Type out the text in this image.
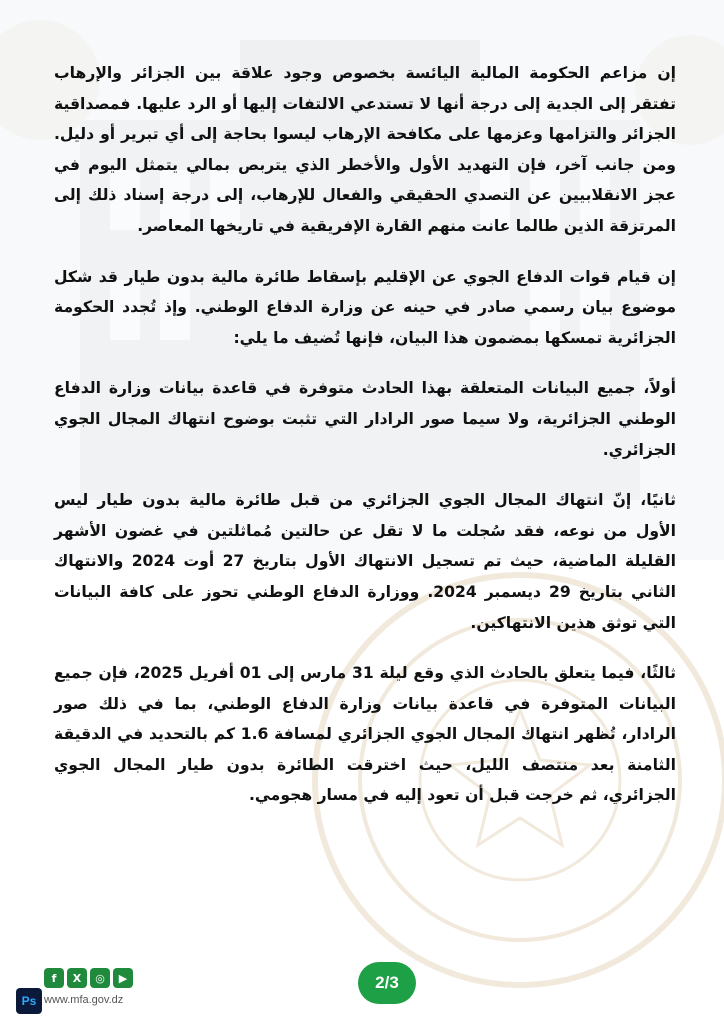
إن مزاعم الحكومة المالية اليائسة بخصوص وجود علاقة بين الجزائر والإرهاب تفتقر إلى الجدية إلى درجة أنها لا تستدعي الالتفات إليها أو الرد عليها. فمصداقية الجزائر والتزامها وعزمها على مكافحة الإرهاب ليسوا بحاجة إلى أي تبرير أو دليل. ومن جانب آخر، فإن التهديد الأول والأخطر الذي يتربص بمالي يتمثل اليوم في عجز الانقلابيين عن التصدي الحقيقي والفعال للإرهاب، إلى درجة إسناد ذلك إلى المرتزقة الذين طالما عانت منهم القارة الإفريقية في تاريخها المعاصر.

إن قيام قوات الدفاع الجوي عن الإقليم بإسقاط طائرة مالية بدون طيار قد شكل موضوع بيان رسمي صادر في حينه عن وزارة الدفاع الوطني. وإذ تُجدد الحكومة الجزائرية تمسكها بمضمون هذا البيان، فإنها تُضيف ما يلي:

أولاً، جميع البيانات المتعلقة بهذا الحادث متوفرة في قاعدة بيانات وزارة الدفاع الوطني الجزائرية، ولا سيما صور الرادار التي تثبت بوضوح انتهاك المجال الجوي الجزائري.

ثانيًا، إنّ انتهاك المجال الجوي الجزائري من قبل طائرة مالية بدون طيار ليس الأول من نوعه، فقد سُجلت ما لا تقل عن حالتين مُماثلتين في غضون الأشهر القليلة الماضية، حيث تم تسجيل الانتهاك الأول بتاريخ 27 أوت 2024 والانتهاك الثاني بتاريخ 29 ديسمبر 2024. ووزارة الدفاع الوطني تحوز على كافة البيانات التي توثق هذين الانتهاكين.

ثالثًا، فيما يتعلق بالحادث الذي وقع ليلة 31 مارس إلى 01 أفريل 2025، فإن جميع البيانات المتوفرة في قاعدة بيانات وزارة الدفاع الوطني، بما في ذلك صور الرادار، تُظهر انتهاك المجال الجوي الجزائري لمسافة 1.6 كم بالتحديد في الدقيقة الثامنة بعد منتصف الليل، حيث اخترقت الطائرة بدون طيار المجال الجوي الجزائري، ثم خرجت قبل أن تعود إليه في مسار هجومي.

f	X	◎	▶
Ps www.mfa.gov.dz
2/3
